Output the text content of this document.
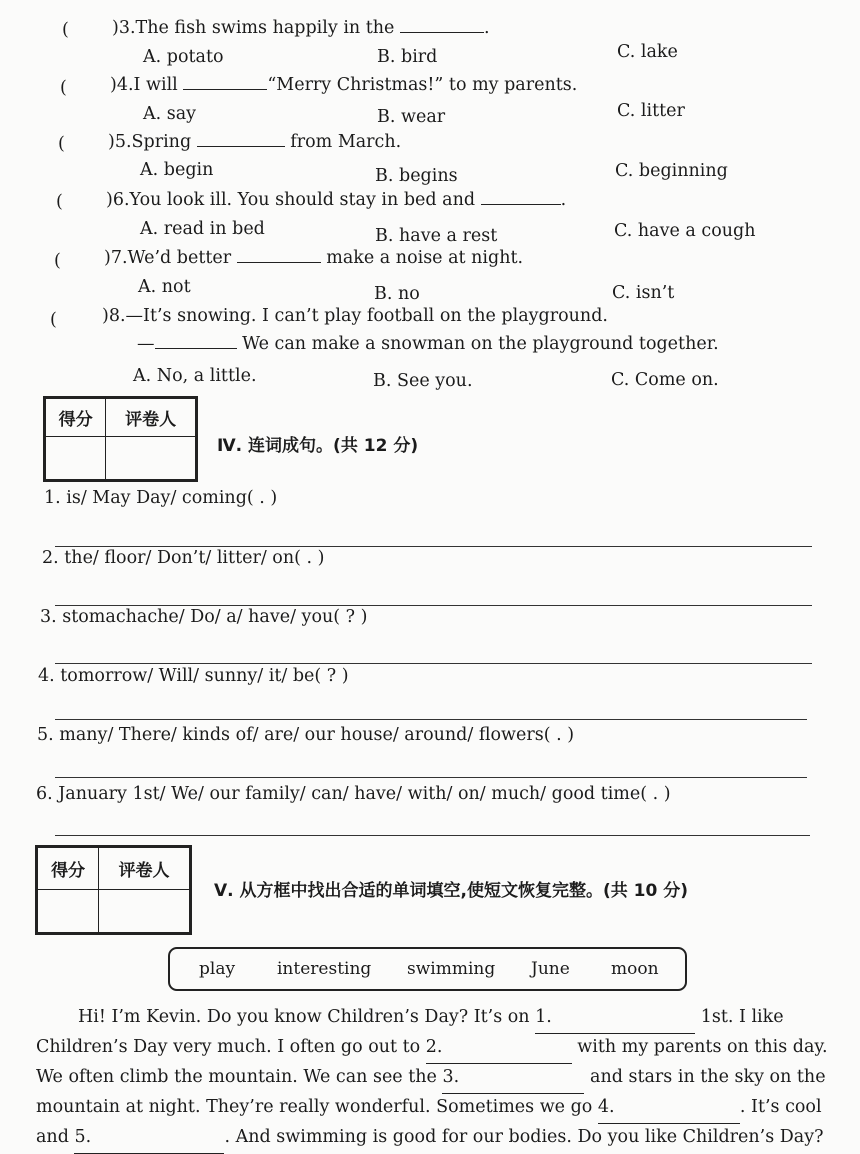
( )3.The fish swims happily in the	.
A. potato	B. bird	C. lake
( )4.I will	“Merry Christmas!” to my parents.
A. say	B. wear	C. litter
( )5.Spring	from March.
A. begin	B. begins	C. beginning
( )6.You look ill. You should stay in bed and	.
A. read in bed	B. have a rest	C. have a cough
( )7.We’d better	make a noise at night.
A. not	B. no	C. isn’t
(	)8.—It’s snowing. I can’t play football on the playground.
—	We can make a snowman on the playground together.
A. No, a little.	B. See you.	C. Come on.
得分	评卷人

Ⅳ. 连词成句。(共 12 分)
1. is/ May Day/ coming( . )
2. the/ floor/ Don’t/ litter/ on( . )
3. stomachache/ Do/ a/ have/ you( ? )
4. tomorrow/ Will/ sunny/ it/ be( ? )
5. many/ There/ kinds of/ are/ our house/ around/ flowers( . )
6. January 1st/ We/ our family/ can/ have/ with/ on/ much/ good time( . )
得分	评卷人

Ⅴ. 从方框中找出合适的单词填空,使短文恢复完整。(共 10 分)
play interesting swimming June moon
Hi! I’m Kevin. Do you know Children’s Day? It’s on 1.	1st. I like
Children’s Day very much. I often go out to 2.	with my parents on this day.
We often climb the mountain. We can see the 3.	and stars in the sky on the
mountain at night. They’re really wonderful. Sometimes we go 4.	. It’s cool
and 5.	. And swimming is good for our bodies. Do you like Children’s Day?
